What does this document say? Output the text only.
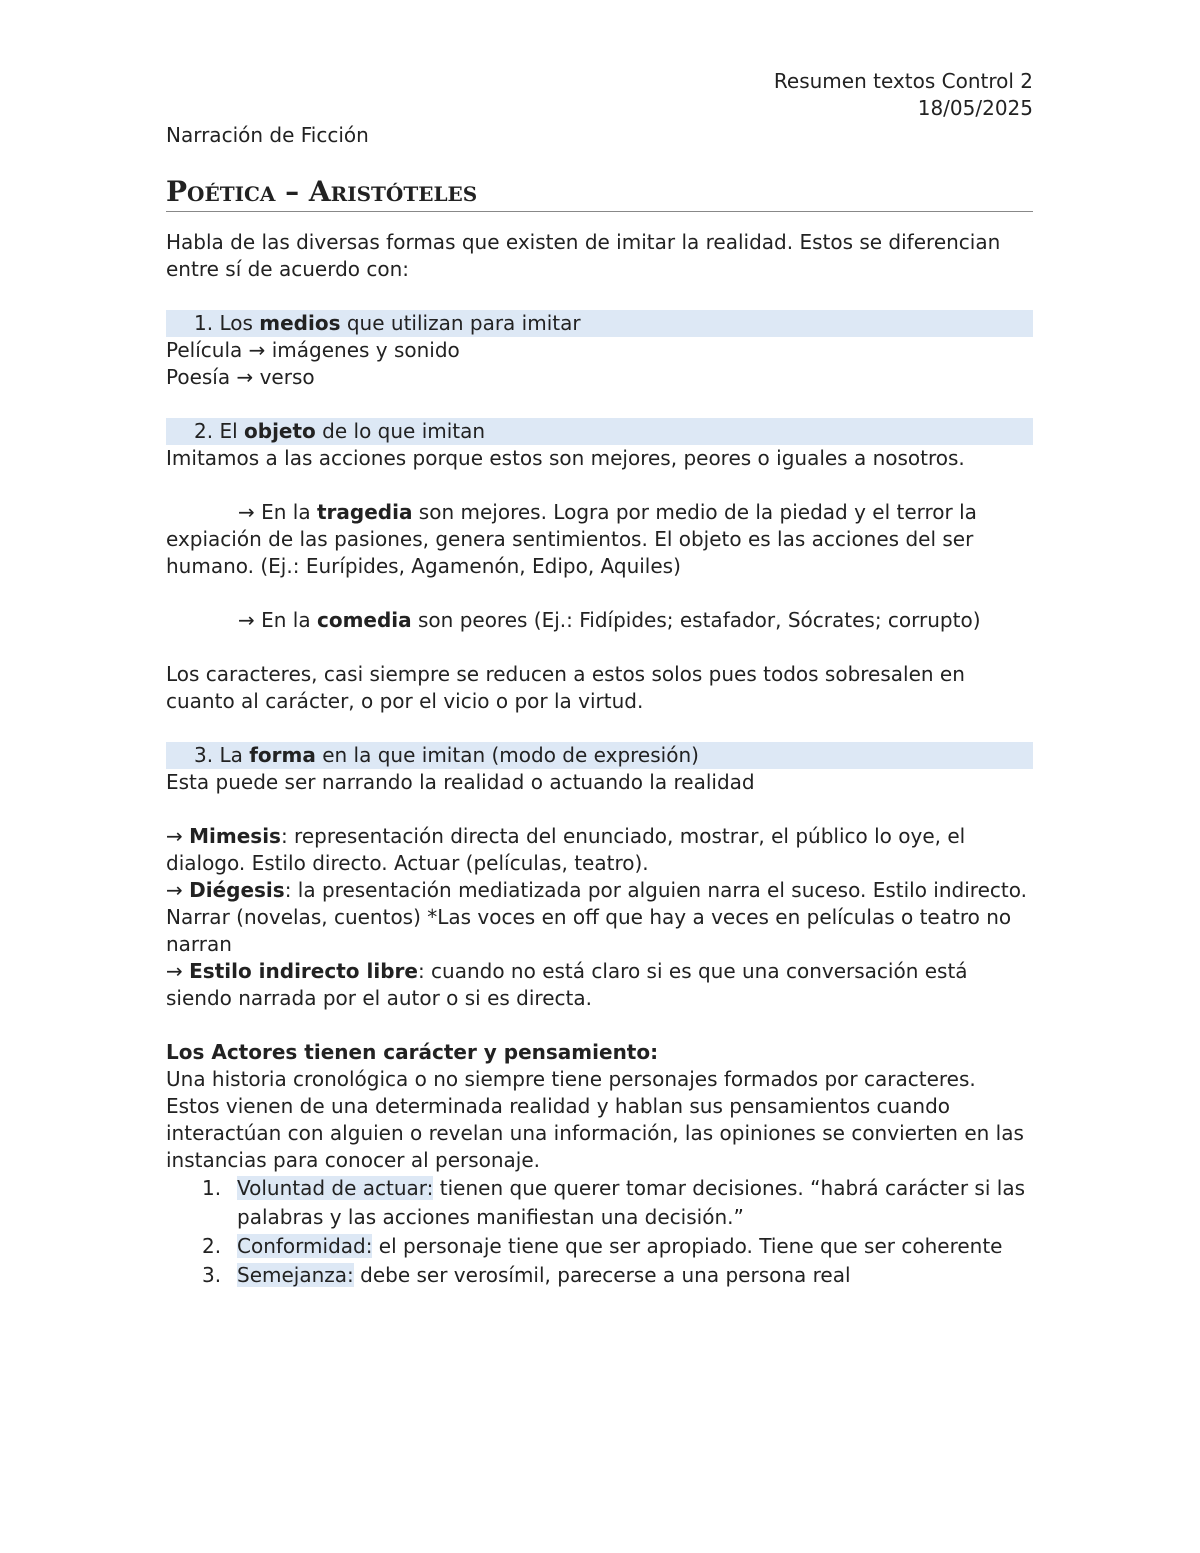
Resumen textos Control 2

18/05/2025

Narración de Ficción

Poética – Aristóteles

Habla de las diversas formas que existen de imitar la realidad. Estos se diferencian entre sí de acuerdo con:

1. Los medios que utilizan para imitar

Película → imágenes y sonido

Poesía → verso

2. El objeto de lo que imitan

Imitamos a las acciones porque estos son mejores, peores o iguales a nosotros.

→ En la tragedia son mejores. Logra por medio de la piedad y el terror la expiación de las pasiones, genera sentimientos. El objeto es las acciones del ser humano. (Ej.: Eurípides, Agamenón, Edipo, Aquiles)

→ En la comedia son peores (Ej.: Fidípides; estafador, Sócrates; corrupto)

Los caracteres, casi siempre se reducen a estos solos pues todos sobresalen en cuanto al carácter, o por el vicio o por la virtud.

3. La forma en la que imitan (modo de expresión)

Esta puede ser narrando la realidad o actuando la realidad

→ Mimesis: representación directa del enunciado, mostrar, el público lo oye, el dialogo. Estilo directo. Actuar (películas, teatro).

→ Diégesis: la presentación mediatizada por alguien narra el suceso. Estilo indirecto. Narrar (novelas, cuentos) *Las voces en off que hay a veces en películas o teatro no narran

→ Estilo indirecto libre: cuando no está claro si es que una conversación está siendo narrada por el autor o si es directa.

Los Actores tienen carácter y pensamiento:

Una historia cronológica o no siempre tiene personajes formados por caracteres. Estos vienen de una determinada realidad y hablan sus pensamientos cuando interactúan con alguien o revelan una información, las opiniones se convierten en las instancias para conocer al personaje.

1. Voluntad de actuar: tienen que querer tomar decisiones. “habrá carácter si las palabras y las acciones manifiestan una decisión.”
2. Conformidad: el personaje tiene que ser apropiado. Tiene que ser coherente
3. Semejanza: debe ser verosímil, parecerse a una persona real
